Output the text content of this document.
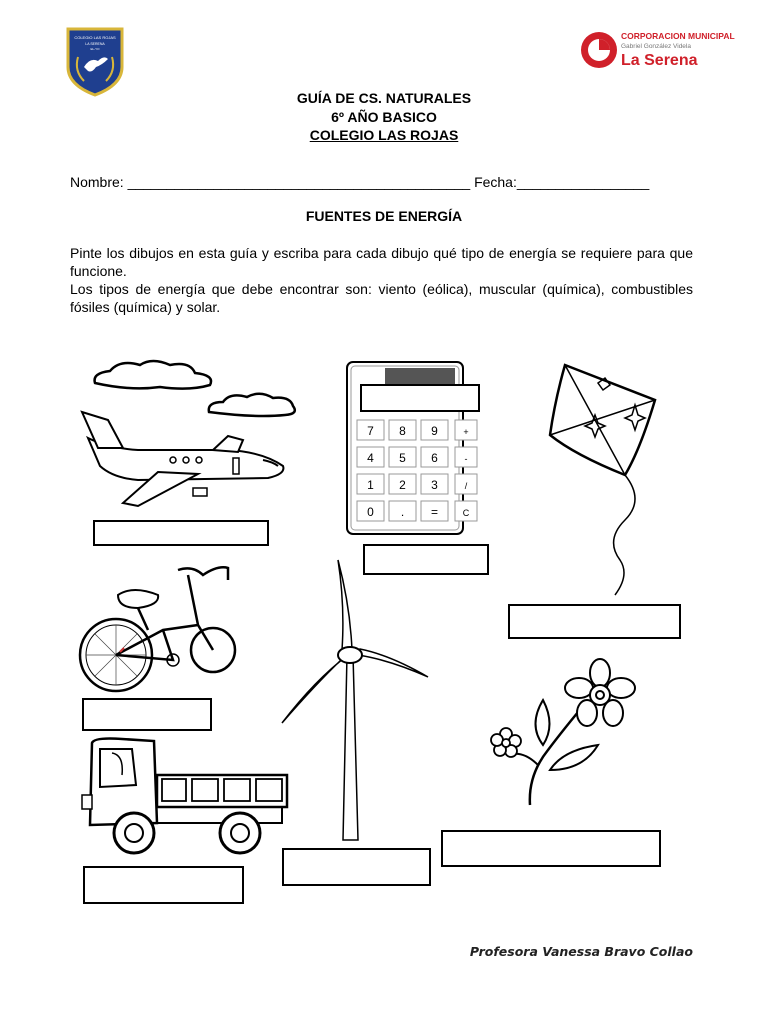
COLEGIO LAS ROJAS
LA SERENA
EL-YO
CORPORACION MUNICIPAL
Gabriel González Videla
La Serena
GUÍA DE CS. NATURALES
6º AÑO BASICO
COLEGIO LAS ROJAS
Nombre: ____________________________________________ Fecha:_________________
FUENTES DE ENERGÍA
Pinte los dibujos en esta guía y escriba para cada dibujo qué tipo de energía se requiere para que funcione.
Los tipos de energía que debe encontrar son: viento (eólica), muscular (química), combustibles fósiles (química) y solar.
7 8 9	+
4 5 6	-
1 2 3	/
0 . =	C
Profesora Vanessa Bravo Collao
